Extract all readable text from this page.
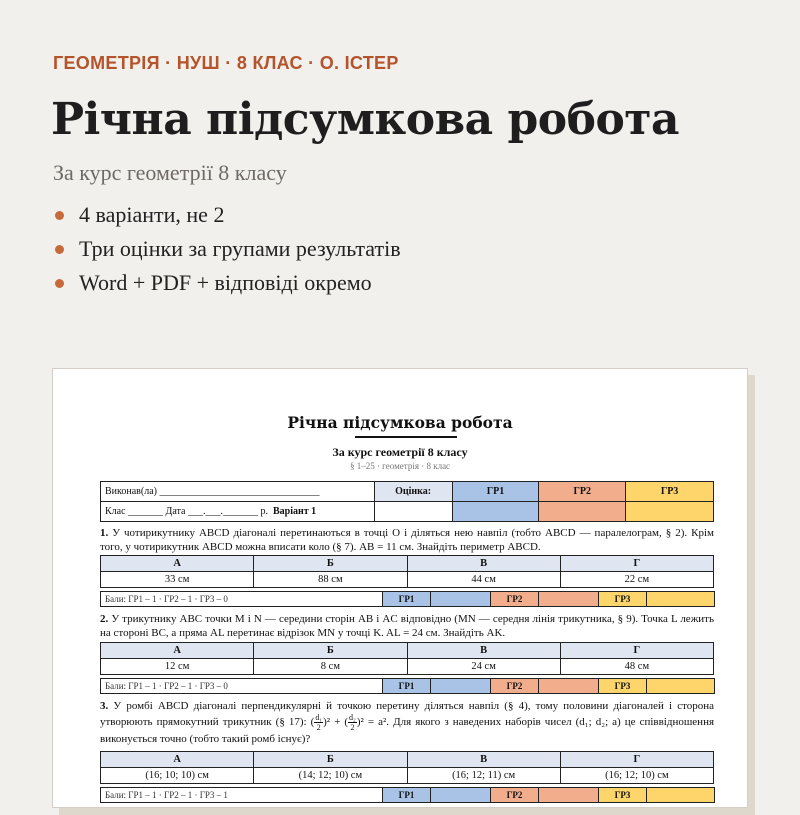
ГЕОМЕТРІЯ · НУШ · 8 КЛАС · О. ІСТЕР
Річна підсумкова робота
За курс геометрії 8 класу
4 варіанти, не 2
Три оцінки за групами результатів
Word + PDF + відповіді окремо
Річна підсумкова робота
За курс геометрії 8 класу
§ 1–25 · геометрія · 8 клас
Виконав(ла) ________________________________	Оцінка:	ГР1	ГР2	ГР3
Клас _______ Дата ___.___._______ р. Варіант 1				
1. У чотирикутнику ABCD діагоналі перетинаються в точці O і діляться нею навпіл (тобто ABCD — паралелограм, § 2). Крім того, у чотирикутник ABCD можна вписати коло (§ 7). AB = 11 см. Знайдіть периметр ABCD.
А	Б	В	Г
33 см	88 см	44 см	22 см
Бали: ГР1 – 1 · ГР2 – 1 · ГР3 – 0	ГР1		ГР2		ГР3	
2. У трикутнику ABC точки M і N — середини сторін AB і AC відповідно (MN — середня лінія трикутника, § 9). Точка L лежить на стороні BC, а пряма AL перетинає відрізок MN у точці K. AL = 24 см. Знайдіть AK.
А	Б	В	Г
12 см	8 см	24 см	48 см
Бали: ГР1 – 1 · ГР2 – 1 · ГР3 – 0	ГР1		ГР2		ГР3	
3. У ромбі ABCD діагоналі перпендикулярні й точкою перетину діляться навпіл (§ 4), тому половини діагоналей і сторона утворюють прямокутний трикутник (§ 17): ( $\frac{\text{d₁}}{2} )^2$ + ( $\frac{\text{d₂}}{2} )^2 = a^2$. Для якого з наведених наборів чисел (d₁; d₂; a) це співвідношення виконується точно (тобто такий ромб існує)?
А	Б	В	Г
(16; 10; 10) см	(14; 12; 10) см	(16; 12; 11) см	(16; 12; 10) см
Бали: ГР1 – 1 · ГР2 – 1 · ГР3 – 1	ГР1		ГР2		ГР3	
